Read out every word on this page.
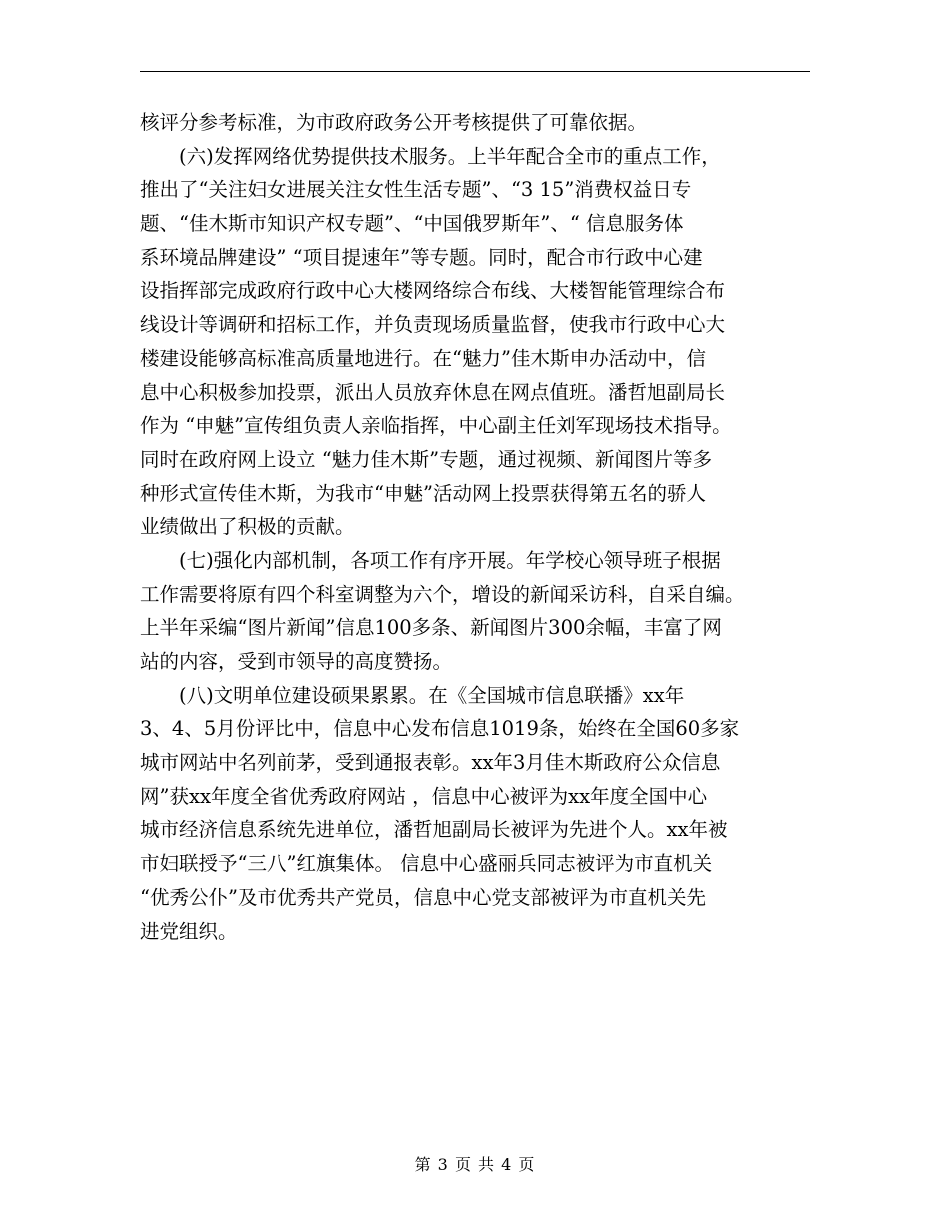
核评分参考标准，为市政府政务公开考核提供了可靠依据。
　　(六)发挥网络优势提供技术服务。上半年配合全市的重点工作，
推出了“关注妇女进展关注女性生活专题”、“3 15”消费权益日专
题、“佳木斯市知识产权专题”、“中国俄罗斯年”、“ 信息服务体
系环境品牌建设” “项目提速年”等专题。同时，配合市行政中心建
设指挥部完成政府行政中心大楼网络综合布线、大楼智能管理综合布
线设计等调研和招标工作，并负责现场质量监督，使我市行政中心大
楼建设能够高标准高质量地进行。在“魅力”佳木斯申办活动中，信
息中心积极参加投票，派出人员放弃休息在网点值班。潘哲旭副局长
作为 “申魅”宣传组负责人亲临指挥，中心副主任刘军现场技术指导。
同时在政府网上设立 “魅力佳木斯”专题，通过视频、新闻图片等多
种形式宣传佳木斯，为我市“申魅”活动网上投票获得第五名的骄人
业绩做出了积极的贡献。
　　(七)强化内部机制，各项工作有序开展。年学校心领导班子根据
工作需要将原有四个科室调整为六个，增设的新闻采访科，自采自编。
上半年采编“图片新闻”信息100多条、新闻图片300余幅，丰富了网
站的内容，受到市领导的高度赞扬。
　　(八)文明单位建设硕果累累。在《全国城市信息联播》xx年
3、4、5月份评比中，信息中心发布信息1019条，始终在全国60多家
城市网站中名列前茅，受到通报表彰。xx年3月佳木斯政府公众信息
网”获xx年度全省优秀政府网站 ，信息中心被评为xx年度全国中心
城市经济信息系统先进单位，潘哲旭副局长被评为先进个人。xx年被
市妇联授予“三八”红旗集体。 信息中心盛丽兵同志被评为市直机关
“优秀公仆”及市优秀共产党员，信息中心党支部被评为市直机关先
进党组织。
第 3 页 共 4 页
